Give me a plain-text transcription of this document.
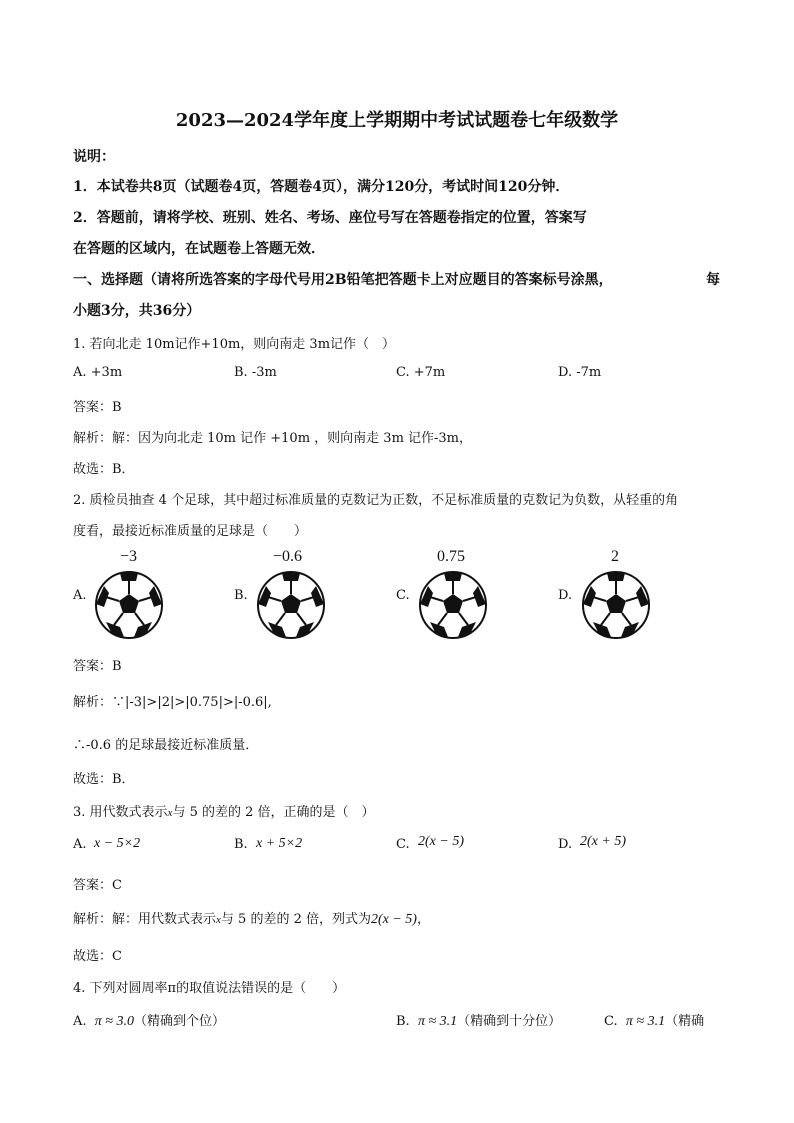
2023—2024学年度上学期期中考试试题卷七年级数学
说明：
1．本试卷共8页（试题卷4页，答题卷4页），满分120分，考试时间120分钟．
2．答题前，请将学校、班别、姓名、考场、座位号写在答题卷指定的位置，答案写
在答题的区域内，在试题卷上答题无效．
一、选择题（请将所选答案的字母代号用2B铅笔把答题卡上对应题目的答案标号涂黑，	每
小题3分，共36分）
1. 若向北走 10m记作+10m，则向南走 3m记作（　）
A. +3m	B. -3m	C. +7m	D. -7m
答案：B
解析：解：因为向北走 10m 记作 +10m ，则向南走 3m 记作-3m，
故选：B．
2. 质检员抽查 4 个足球，其中超过标准质量的克数记为正数，不足标准质量的克数记为负数，从轻重的角
度看，最接近标准质量的足球是（　　）
−3	−0.6	0.75	2
A.	B.	C.	D.
答案：B
解析：∵|-3|>|2|>|0.75|>|-0.6|,
∴-0.6 的足球最接近标准质量．
故选：B．
3. 用代数式表示x与 5 的差的 2 倍，正确的是（　）
A. x − 5×2	B. x + 5×2	C. 2(x − 5)	D. 2(x + 5)
答案：C
解析：解：用代数式表示x与 5 的差的 2 倍，列式为2(x − 5)，
故选：C
4. 下列对圆周率π的取值说法错误的是（　　）
A. π ≈ 3.0（精确到个位）	B. π ≈ 3.1（精确到十分位）	C. π ≈ 3.1（精确
